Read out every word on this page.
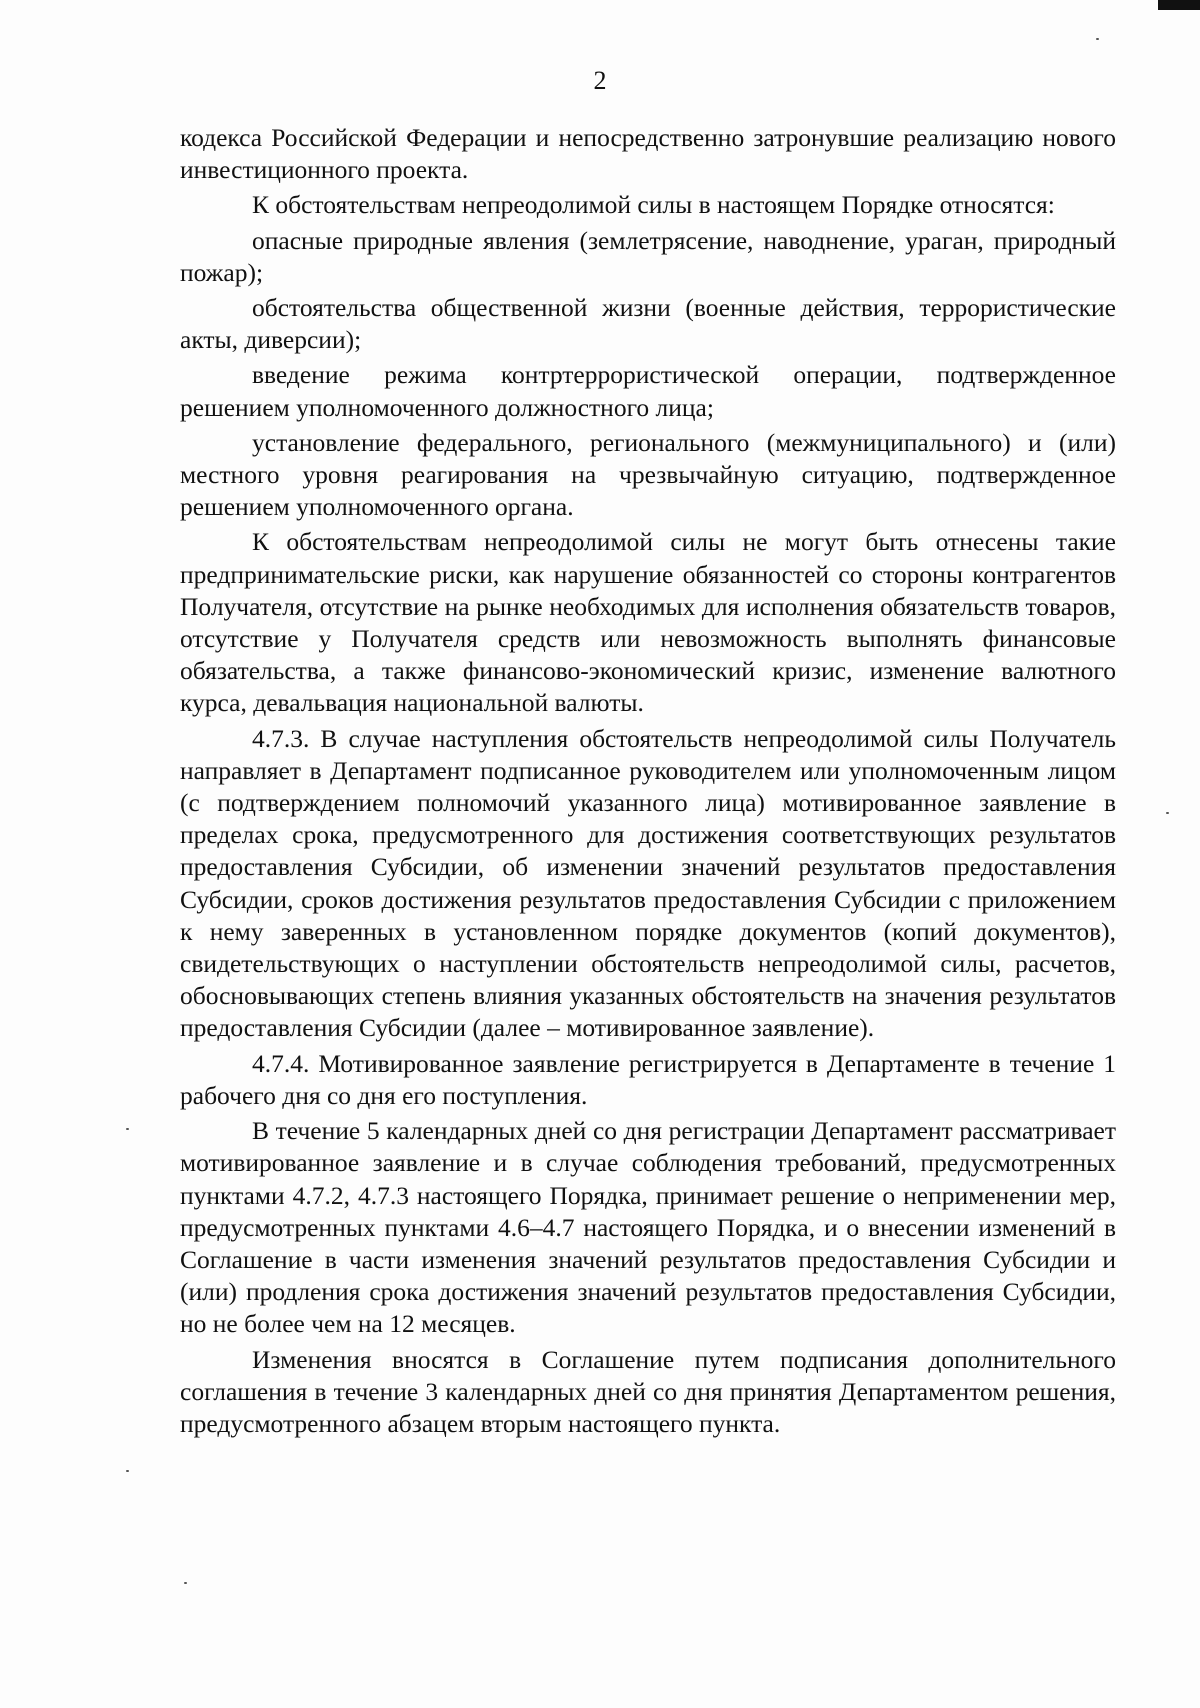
2

кодекса Российской Федерации и непосредственно затронувшие реализацию нового инвестиционного проекта.

К обстоятельствам непреодолимой силы в настоящем Порядке относятся:

опасные природные явления (землетрясение, наводнение, ураган, природный пожар);

обстоятельства общественной жизни (военные действия, террористические акты, диверсии);

введение режима контртеррористической операции, подтвержденное решением уполномоченного должностного лица;

установление федерального, регионального (межмуниципального) и (или) местного уровня реагирования на чрезвычайную ситуацию, подтвержденное решением уполномоченного органа.

К обстоятельствам непреодолимой силы не могут быть отнесены такие предпринимательские риски, как нарушение обязанностей со стороны контрагентов Получателя, отсутствие на рынке необходимых для исполнения обязательств товаров, отсутствие у Получателя средств или невозможность выполнять финансовые обязательства, а также финансово-экономический кризис, изменение валютного курса, девальвация национальной валюты.

4.7.3. В случае наступления обстоятельств непреодолимой силы Получатель направляет в Департамент подписанное руководителем или уполномоченным лицом (с подтверждением полномочий указанного лица) мотивированное заявление в пределах срока, предусмотренного для достижения соответствующих результатов предоставления Субсидии, об изменении значений результатов предоставления Субсидии, сроков достижения результатов предоставления Субсидии с приложением к нему заверенных в установленном порядке документов (копий документов), свидетельствующих о наступлении обстоятельств непреодолимой силы, расчетов, обосновывающих степень влияния указанных обстоятельств на значения результатов предоставления Субсидии (далее – мотивированное заявление).

4.7.4. Мотивированное заявление регистрируется в Департаменте в течение 1 рабочего дня со дня его поступления.

В течение 5 календарных дней со дня регистрации Департамент рассматривает мотивированное заявление и в случае соблюдения требований, предусмотренных пунктами 4.7.2, 4.7.3 настоящего Порядка, принимает решение о неприменении мер, предусмотренных пунктами 4.6–4.7 настоящего Порядка, и о внесении изменений в Соглашение в части изменения значений результатов предоставления Субсидии и (или) продления срока достижения значений результатов предоставления Субсидии, но не более чем на 12 месяцев.

Изменения вносятся в Соглашение путем подписания дополнительного соглашения в течение 3 календарных дней со дня принятия Департаментом решения, предусмотренного абзацем вторым настоящего пункта.
